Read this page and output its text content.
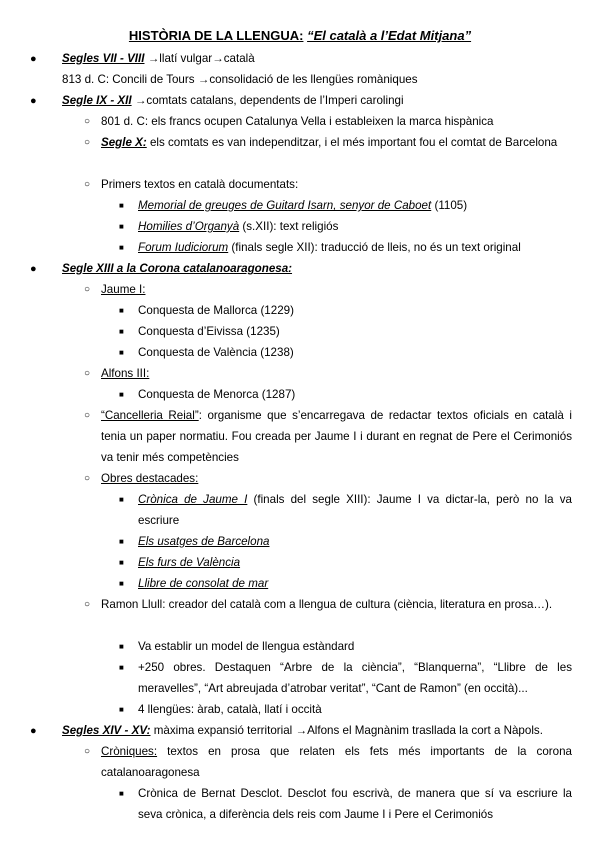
HISTÒRIA DE LA LLENGUA: “El català a l’Edat Mitjana”
● Segles VII - VIII →llatí vulgar→català
813 d. C: Concili de Tours →consolidació de les llengües romàniques
● Segle IX - XII →comtats catalans, dependents de l’Imperi carolingi
○ 801 d. C: els francs ocupen Catalunya Vella i estableixen la marca hispànica
○ Segle X: els comtats es van independitzar, i el més important fou el comtat de Barcelona
○ Primers textos en català documentats:
■ Memorial de greuges de Guitard Isarn, senyor de Caboet (1105)
■ Homilies d’Organyà (s.XII): text religiós
■ Forum Iudiciorum (finals segle XII): traducció de lleis, no és un text original
● Segle XIII a la Corona catalanoaragonesa:
○ Jaume I:
■ Conquesta de Mallorca (1229)
■ Conquesta d’Eivissa (1235)
■ Conquesta de València (1238)
○ Alfons III:
■ Conquesta de Menorca (1287)
○ “Cancelleria Reial”: organisme que s’encarregava de redactar textos oficials en català i tenia un paper normatiu. Fou creada per Jaume I i durant en regnat de Pere el Cerimoniós va tenir més competències
○ Obres destacades:
■ Crònica de Jaume I (finals del segle XIII): Jaume I va dictar-la, però no la va escriure
■ Els usatges de Barcelona
■ Els furs de València
■ Llibre de consolat de mar
○ Ramon Llull: creador del català com a llengua de cultura (ciència, literatura en prosa…).
■ Va establir un model de llengua estàndard
■ +250 obres. Destaquen “Arbre de la ciència”, “Blanquerna”, “Llibre de les meravelles”, “Art abreujada d’atrobar veritat”, “Cant de Ramon” (en occità)...
■ 4 llengües: àrab, català, llatí i occità
● Segles XIV - XV: màxima expansió territorial →Alfons el Magnànim trasllada la cort a Nàpols.
○ Cròniques: textos en prosa que relaten els fets més importants de la corona catalanoaragonesa
■ Crònica de Bernat Desclot. Desclot fou escrivà, de manera que sí va escriure la seva crònica, a diferència dels reis com Jaume I i Pere el Cerimoniós
